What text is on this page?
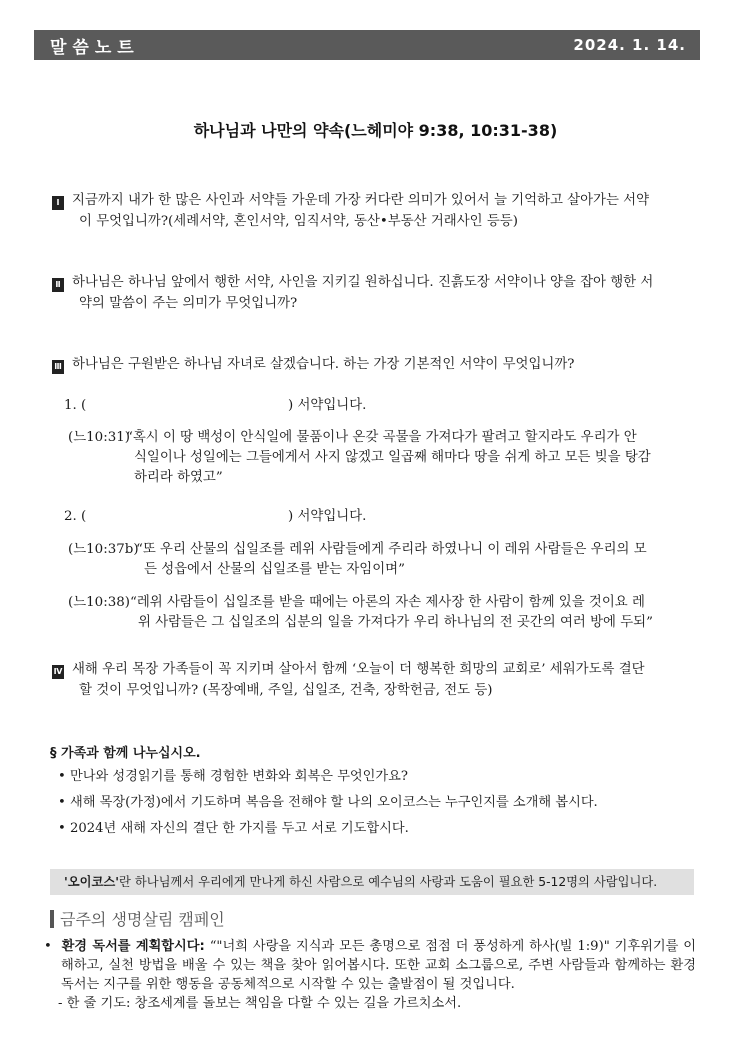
말씀노트	2024. 1. 14.
하나님과 나만의 약속(느헤미야 9:38, 10:31-38)
Ⅰ 지금까지 내가 한 많은 사인과 서약들 가운데 가장 커다란 의미가 있어서 늘 기억하고 살아가는 서약
이 무엇입니까?(세례서약, 혼인서약, 임직서약, 동산•부동산 거래사인 등등)
Ⅱ 하나님은 하나님 앞에서 행한 서약, 사인을 지키길 원하십니다. 진흙도장 서약이나 양을 잡아 행한 서
약의 말씀이 주는 의미가 무엇입니까?
Ⅲ 하나님은 구원받은 하나님 자녀로 살겠습니다. 하는 가장 기본적인 서약이 무엇입니까?
1. (	) 서약입니다.
(느10:31)
“혹시 이 땅 백성이 안식일에 물품이나 온갖 곡물을 가져다가 팔려고 할지라도 우리가 안
식일이나 성일에는 그들에게서 사지 않겠고 일곱째 해마다 땅을 쉬게 하고 모든 빚을 탕감
하리라 하였고”
2. (	) 서약입니다.
(느10:37b)
“또 우리 산물의 십일조를 레위 사람들에게 주리라 하였나니 이 레위 사람들은 우리의 모
든 성읍에서 산물의 십일조를 받는 자임이며”
(느10:38) “레위 사람들이 십일조를 받을 때에는 아론의 자손 제사장 한 사람이 함께 있을 것이요 레
위 사람들은 그 십일조의 십분의 일을 가져다가 우리 하나님의 전 곳간의 여러 방에 두되”
Ⅳ 새해 우리 목장 가족들이 꼭 지키며 살아서 함께 ‘오늘이 더 행복한 희망의 교회로’ 세워가도록 결단
할 것이 무엇입니까? (목장예배, 주일, 십일조, 건축, 장학헌금, 전도 등)
§ 가족과 함께 나누십시오.
• 만나와 성경읽기를 통해 경험한 변화와 회복은 무엇인가요?
• 새해 목장(가정)에서 기도하며 복음을 전해야 할 나의 오이코스는 누구인지를 소개해 봅시다.
• 2024년 새해 자신의 결단 한 가지를 두고 서로 기도합시다.
'오이코스'란 하나님께서 우리에게 만나게 하신 사람으로 예수님의 사랑과 도움이 필요한 5-12명의 사람입니다.
금주의 생명살림 캠페인

• 환경 독서를 계획합시다: “"너희 사랑을 지식과 모든 총명으로 점점 더 풍성하게 하사(빌 1:9)" 기후위기를 이해하고, 실천 방법을 배울 수 있는 책을 찾아 읽어봅시다. 또한 교회 소그룹으로, 주변 사람들과 함께하는 환경독서는 지구를 위한 행동을 공동체적으로 시작할 수 있는 출발점이 될 것입니다.

- 한 줄 기도: 창조세계를 돌보는 책임을 다할 수 있는 길을 가르치소서.
